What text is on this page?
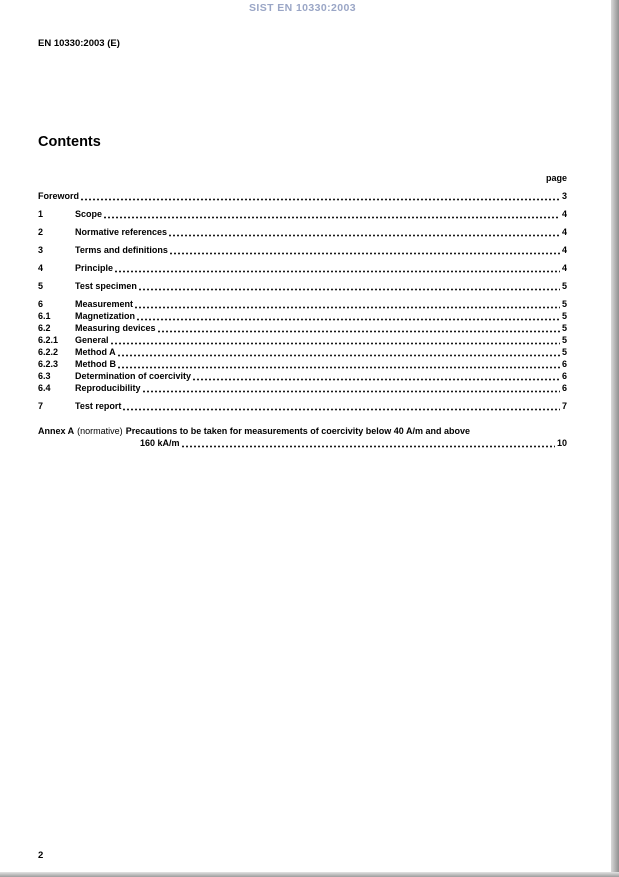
SIST EN 10330:2003
EN 10330:2003 (E)
Contents
page
Foreword	3
1	Scope	4
2	Normative references	4
3	Terms and definitions	4
4	Principle	4
5	Test specimen	5
6	Measurement	5
6.1	Magnetization	5
6.2	Measuring devices	5
6.2.1	General	5
6.2.2	Method A	5
6.2.3	Method B	6
6.3	Determination of coercivity	6
6.4	Reproducibility	6
7	Test report	7
Annex A (normative) Precautions to be taken for measurements of coercivity below 40 A/m and above
160 kA/m	10
2
